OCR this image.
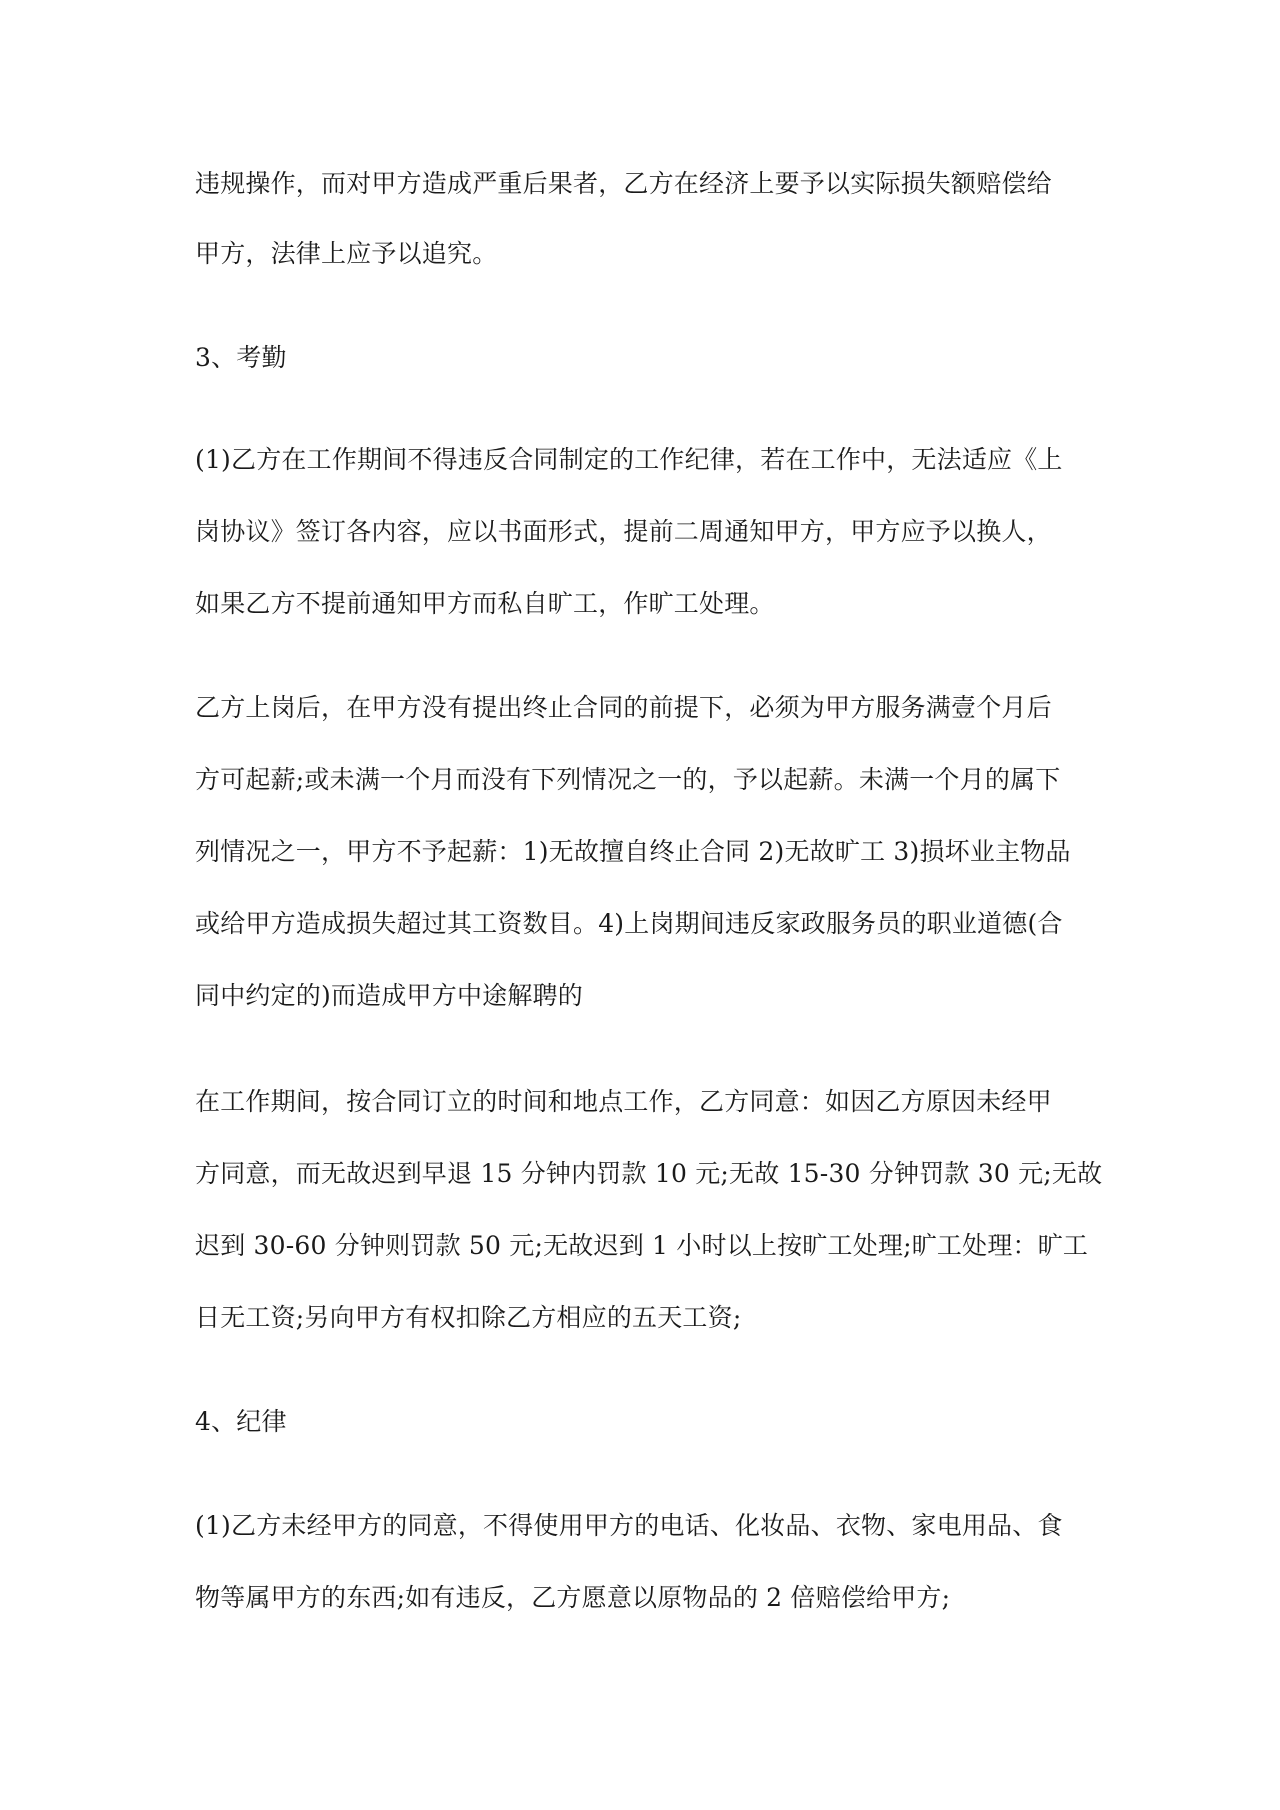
违规操作，而对甲方造成严重后果者，乙方在经济上要予以实际损失额赔偿给
甲方，法律上应予以追究。
3、考勤
(1)乙方在工作期间不得违反合同制定的工作纪律，若在工作中，无法适应《上
岗协议》签订各内容，应以书面形式，提前二周通知甲方，甲方应予以换人，
如果乙方不提前通知甲方而私自旷工，作旷工处理。
乙方上岗后，在甲方没有提出终止合同的前提下，必须为甲方服务满壹个月后
方可起薪;或未满一个月而没有下列情况之一的，予以起薪。未满一个月的属下
列情况之一，甲方不予起薪：1)无故擅自终止合同 2)无故旷工 3)损坏业主物品
或给甲方造成损失超过其工资数目。4)上岗期间违反家政服务员的职业道德(合
同中约定的)而造成甲方中途解聘的
在工作期间，按合同订立的时间和地点工作，乙方同意：如因乙方原因未经甲
方同意，而无故迟到早退 15 分钟内罚款 10 元;无故 15-30 分钟罚款 30 元;无故
迟到 30-60 分钟则罚款 50 元;无故迟到 1 小时以上按旷工处理;旷工处理：旷工
日无工资;另向甲方有权扣除乙方相应的五天工资;
4、纪律
(1)乙方未经甲方的同意，不得使用甲方的电话、化妆品、衣物、家电用品、食
物等属甲方的东西;如有违反，乙方愿意以原物品的 2 倍赔偿给甲方;
